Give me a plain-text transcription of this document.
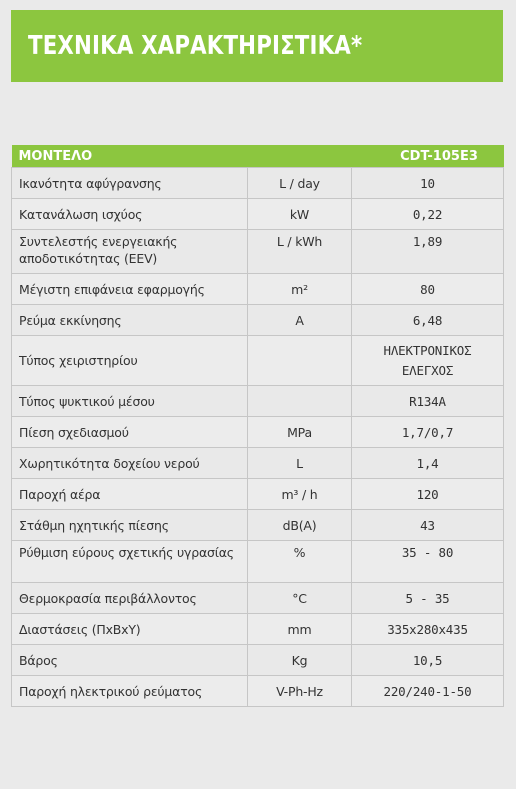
ΤΕΧΝΙΚΑ ΧΑΡΑΚΤΗΡΙΣΤΙΚΑ*
ΜΟΝΤΕΛΟ		CDT-105E3
Ικανότητα αφύγρανσης	L / day	10
Κατανάλωση ισχύος	kW	0,22
Συντελεστής ενεργειακής αποδοτικότητας (EEV)	L / kWh	1,89
Μέγιστη επιφάνεια εφαρμογής	m²	80
Ρεύμα εκκίνησης	A	6,48
Τύπος χειριστηρίου		ΗΛΕΚΤΡΟΝΙΚΟΣ ΕΛΕΓΧΟΣ
Τύπος ψυκτικού μέσου		R134A
Πίεση σχεδιασμού	MPa	1,7/0,7
Χωρητικότητα δοχείου νερού	L	1,4
Παροχή αέρα	m³ / h	120
Στάθμη ηχητικής πίεσης	dB(A)	43
Ρύθμιση εύρους σχετικής υγρασίας	%	35 - 80
Θερμοκρασία περιβάλλοντος	°C	5 - 35
Διαστάσεις (ΠxΒxΥ)	mm	335x280x435
Βάρος	Kg	10,5
Παροχή ηλεκτρικού ρεύματος	V-Ph-Hz	220/240-1-50
